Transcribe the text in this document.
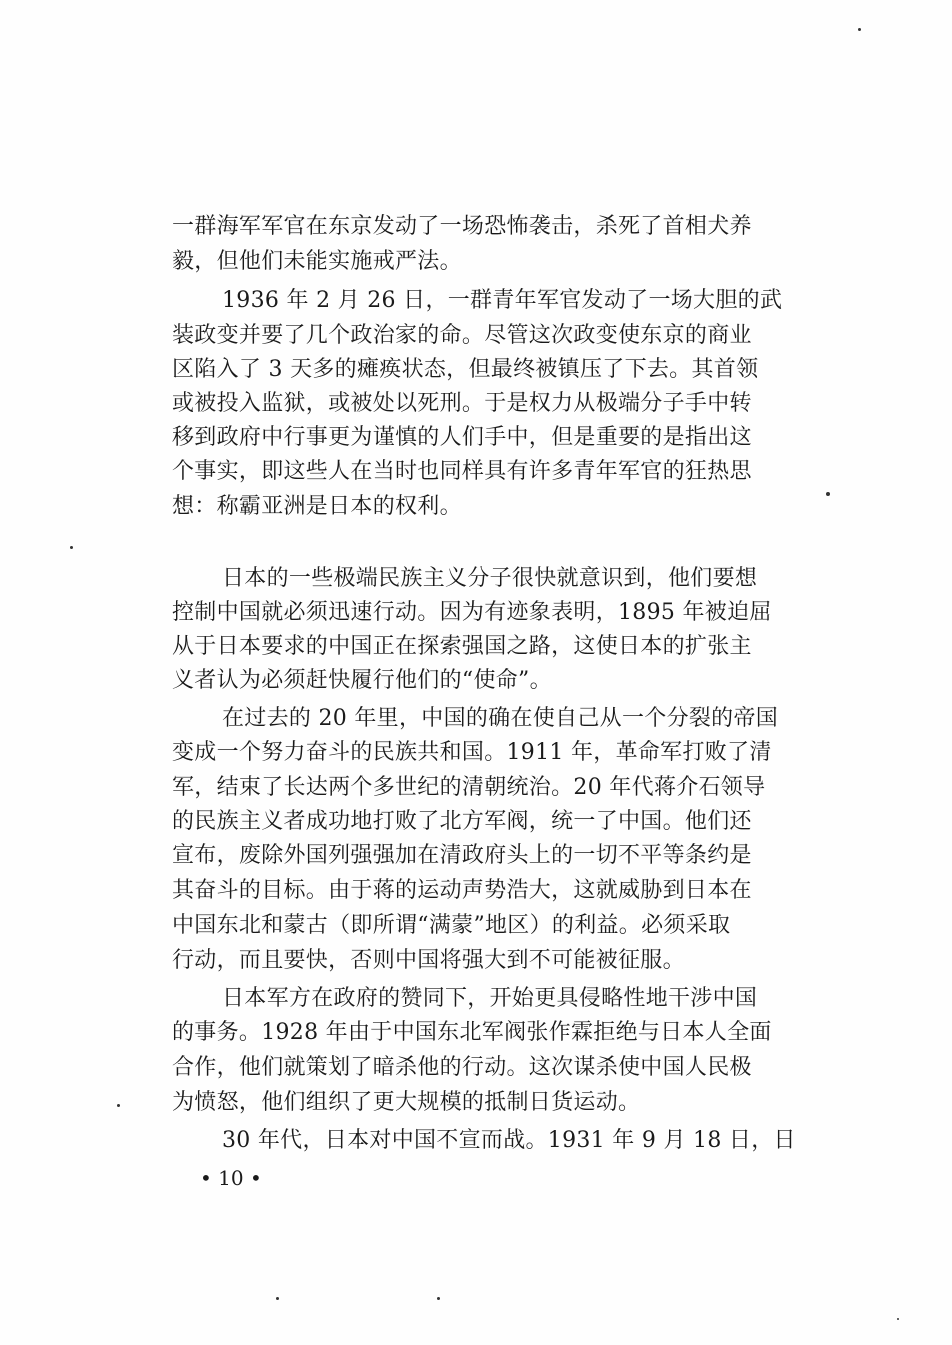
一群海军军官在东京发动了一场恐怖袭击，杀死了首相犬养
毅，但他们未能实施戒严法。
1936 年 2 月 26 日，一群青年军官发动了一场大胆的武
装政变并要了几个政治家的命。尽管这次政变使东京的商业
区陷入了 3 天多的瘫痪状态，但最终被镇压了下去。其首领
或被投入监狱，或被处以死刑。于是权力从极端分子手中转
移到政府中行事更为谨慎的人们手中，但是重要的是指出这
个事实，即这些人在当时也同样具有许多青年军官的狂热思
想：称霸亚洲是日本的权利。
日本的一些极端民族主义分子很快就意识到，他们要想
控制中国就必须迅速行动。因为有迹象表明，1895 年被迫屈
从于日本要求的中国正在探索强国之路，这使日本的扩张主
义者认为必须赶快履行他们的“使命”。
在过去的 20 年里，中国的确在使自己从一个分裂的帝国
变成一个努力奋斗的民族共和国。1911 年，革命军打败了清
军，结束了长达两个多世纪的清朝统治。20 年代蒋介石领导
的民族主义者成功地打败了北方军阀，统一了中国。他们还
宣布，废除外国列强强加在清政府头上的一切不平等条约是
其奋斗的目标。由于蒋的运动声势浩大，这就威胁到日本在
中国东北和蒙古（即所谓“满蒙”地区）的利益。必须采取
行动，而且要快，否则中国将强大到不可能被征服。
日本军方在政府的赞同下，开始更具侵略性地干涉中国
的事务。1928 年由于中国东北军阀张作霖拒绝与日本人全面
合作，他们就策划了暗杀他的行动。这次谋杀使中国人民极
为愤怒，他们组织了更大规模的抵制日货运动。
30 年代，日本对中国不宣而战。1931 年 9 月 18 日，日
• 10 •
